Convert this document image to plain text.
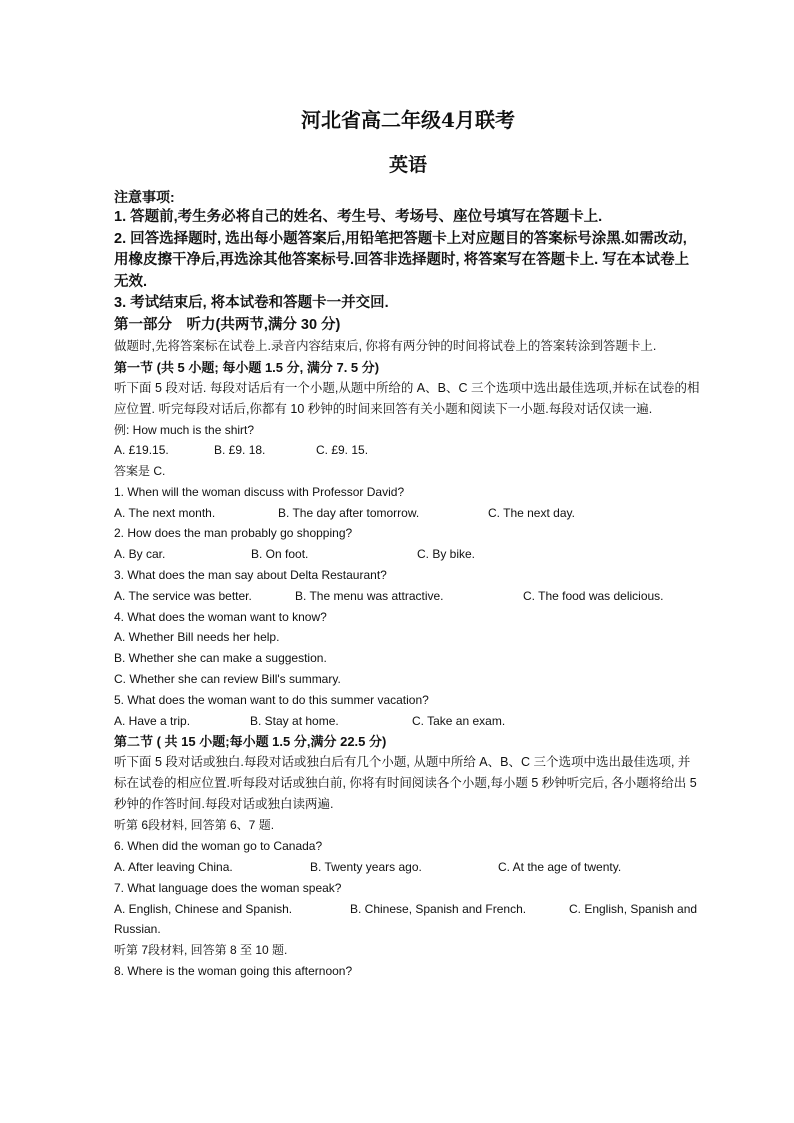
河北省高二年级4月联考
英语
注意事项:
1. 答题前,考生务必将自己的姓名、考生号、考场号、座位号填写在答题卡上.
2. 回答选择题时, 选出每小题答案后,用铅笔把答题卡上对应题目的答案标号涂黑.如需改动, 用橡皮擦干净后,再选涂其他答案标号.回答非选择题时, 将答案写在答题卡上. 写在本试卷上无效.
3. 考试结束后, 将本试卷和答题卡一并交回.
第一部分　听力(共两节,满分 30 分)
做题时,先将答案标在试卷上.录音内容结束后, 你将有两分钟的时间将试卷上的答案转涂到答题卡上.
第一节 (共 5 小题; 每小题 1.5 分, 满分 7. 5 分)
听下面 5 段对话. 每段对话后有一个小题,从题中所给的 A、B、C 三个选项中选出最佳选项,并标在试卷的相应位置. 听完每段对话后,你都有 10 秒钟的时间来回答有关小题和阅读下一小题.每段对话仅读一遍.
例: How much is the shirt?
A. £19.15.	B. £9. 18.	C. £9. 15.
答案是 C.
1. When will the woman discuss with Professor David?
A. The next month.	B. The day after tomorrow.	C. The next day.
2. How does the man probably go shopping?
A. By car.	B. On foot.	C. By bike.
3. What does the man say about Delta Restaurant?
A. The service was better.	B. The menu was attractive.	C. The food was delicious.
4. What does the woman want to know?
A. Whether Bill needs her help.
B. Whether she can make a suggestion.
C. Whether she can review Bill's summary.
5. What does the woman want to do this summer vacation?
A. Have a trip.	B. Stay at home.	C. Take an exam.
第二节 ( 共 15 小题;每小题 1.5 分,满分 22.5 分)
听下面 5 段对话或独白.每段对话或独白后有几个小题, 从题中所给 A、B、C 三个选项中选出最佳选项, 并标在试卷的相应位置.听每段对话或独白前, 你将有时间阅读各个小题,每小题 5 秒钟听完后, 各小题将给出 5 秒钟的作答时间.每段对话或独白读两遍.
听第 6段材料, 回答第 6、7 题.
6. When did the woman go to Canada?
A. After leaving China.	B. Twenty years ago.	C. At the age of twenty.
7. What language does the woman speak?
A. English, Chinese and Spanish.	B. Chinese, Spanish and French.	C. English, Spanish and
Russian.
听第 7段材料, 回答第 8 至 10 题.
8. Where is the woman going this afternoon?
